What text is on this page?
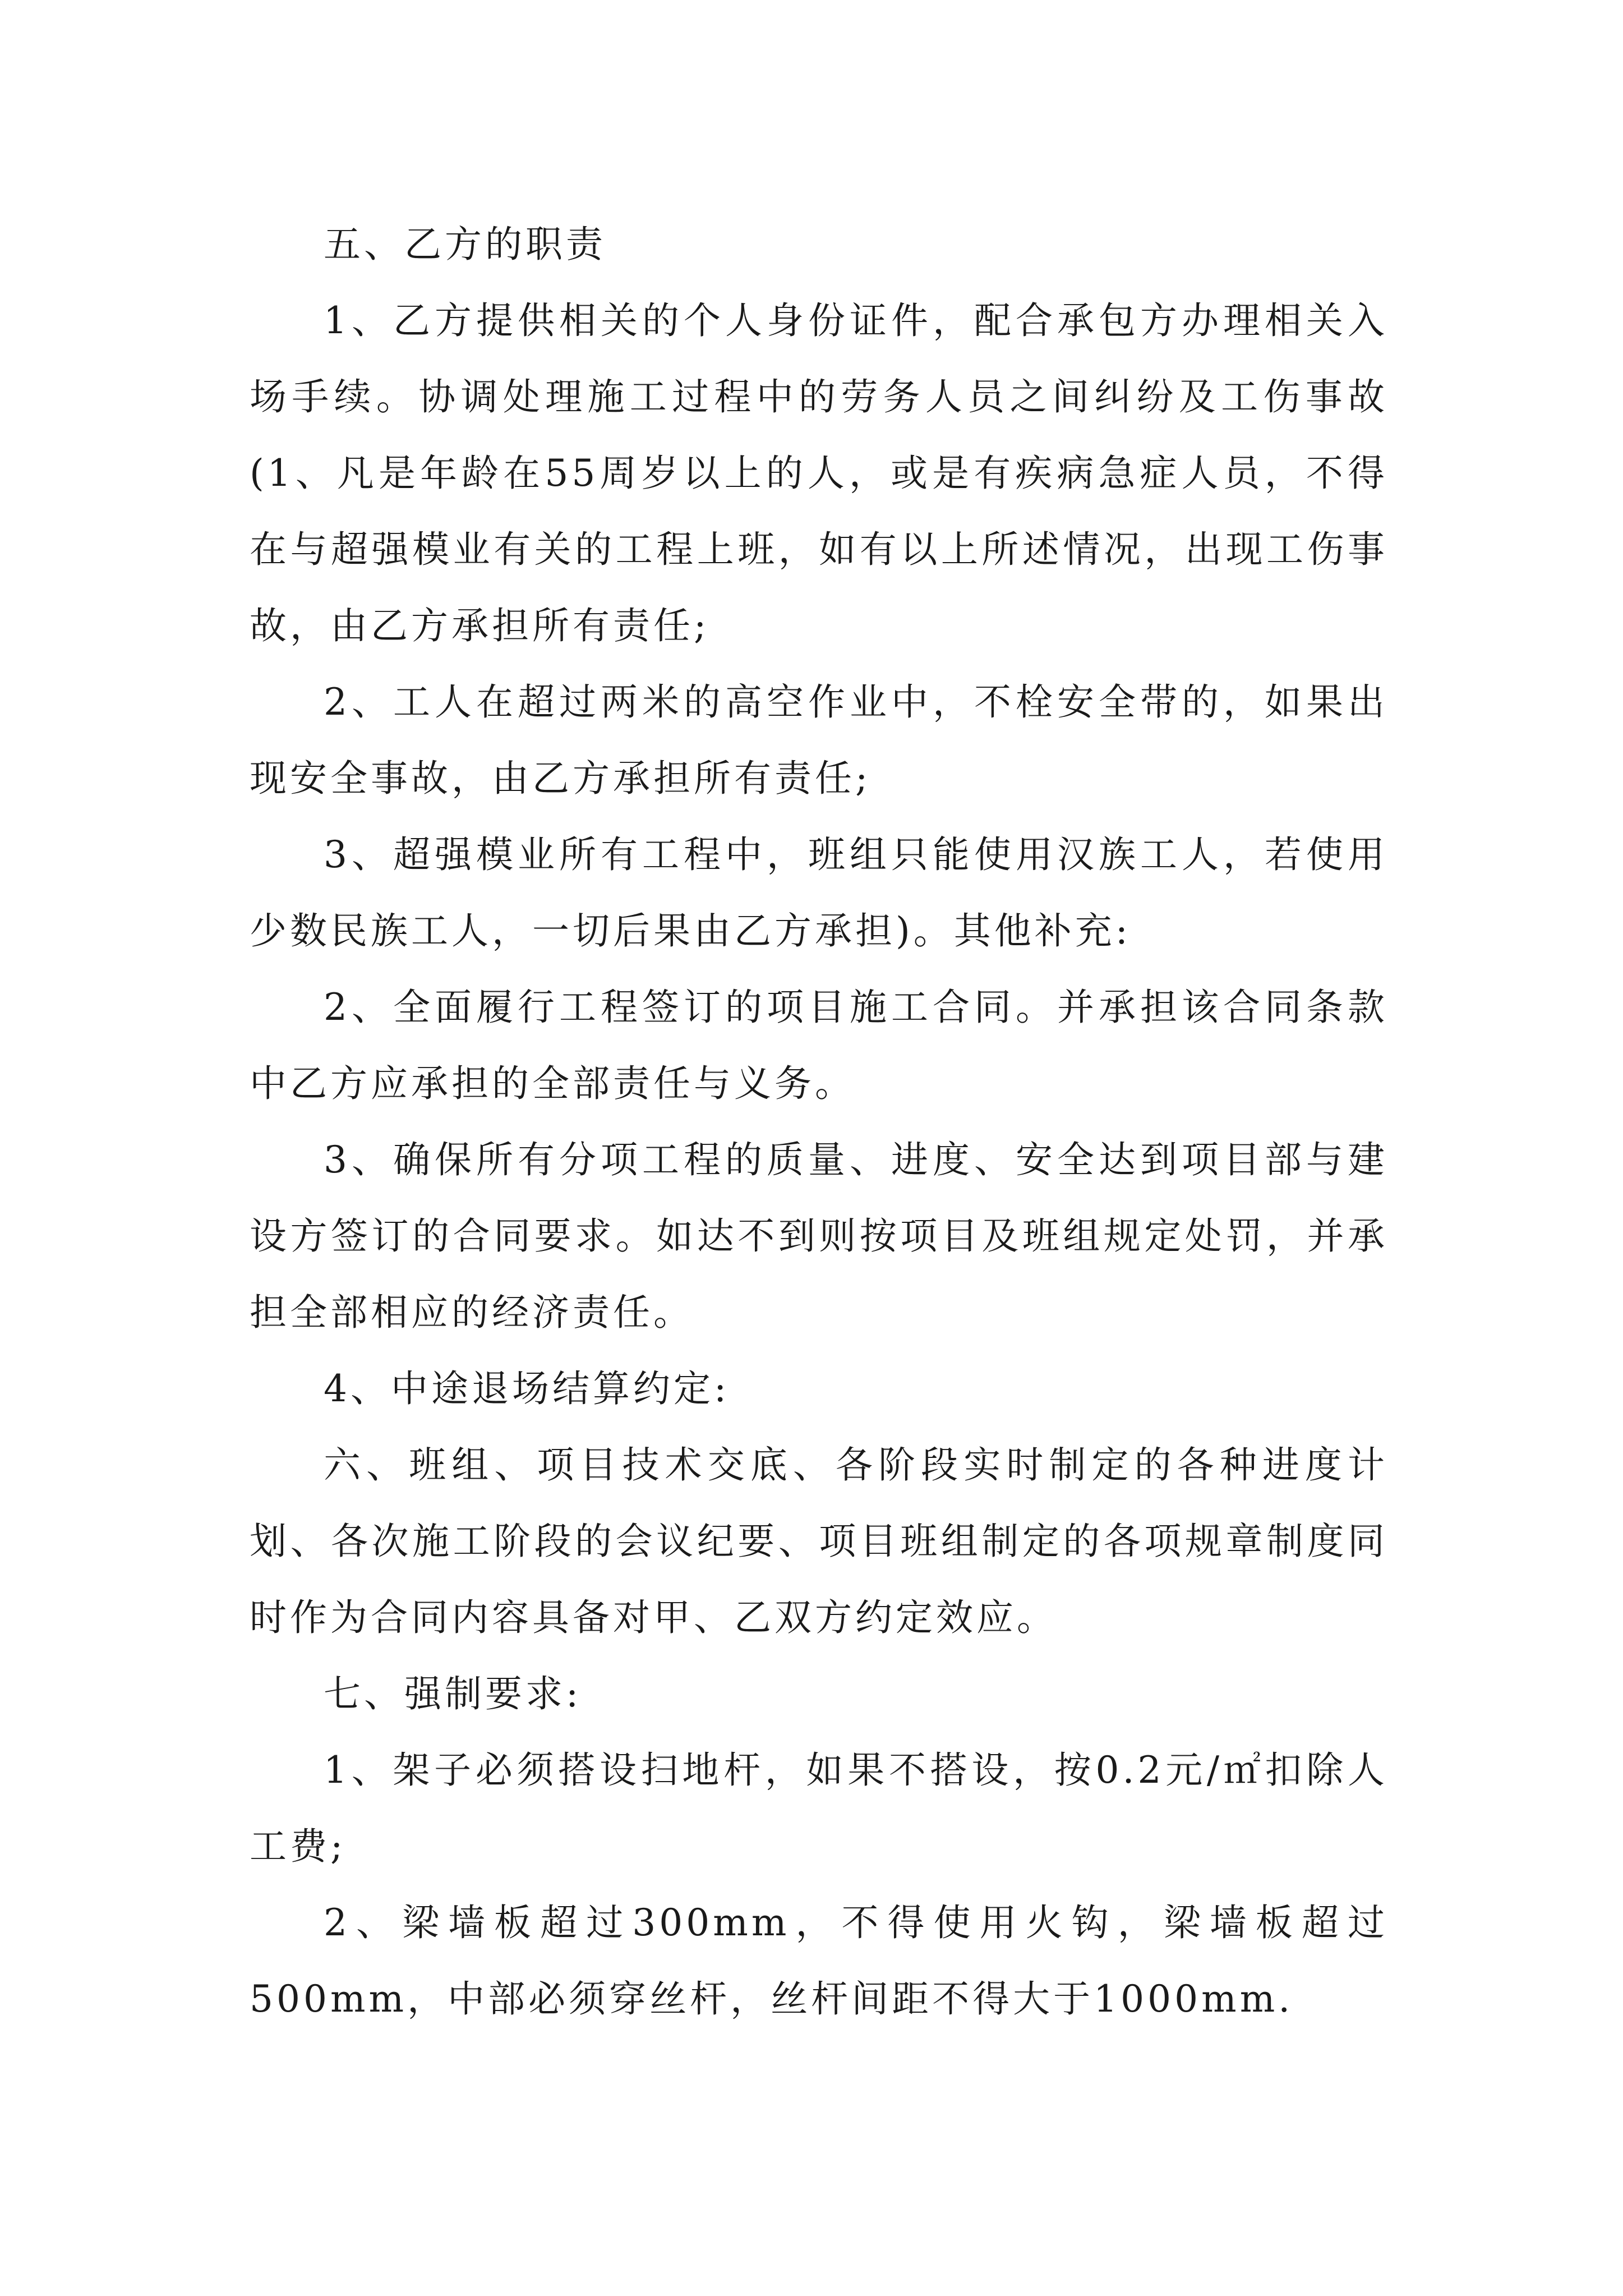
五、乙方的职责

1、乙方提供相关的个人身份证件，配合承包方办理相关入场手续。协调处理施工过程中的劳务人员之间纠纷及工伤事故(1、凡是年龄在55周岁以上的人，或是有疾病急症人员，不得在与超强模业有关的工程上班，如有以上所述情况，出现工伤事故，由乙方承担所有责任;

2、工人在超过两米的高空作业中，不栓安全带的，如果出现安全事故，由乙方承担所有责任;

3、超强模业所有工程中，班组只能使用汉族工人，若使用少数民族工人，一切后果由乙方承担)。其他补充:

2、全面履行工程签订的项目施工合同。并承担该合同条款中乙方应承担的全部责任与义务。

3、确保所有分项工程的质量、进度、安全达到项目部与建设方签订的合同要求。如达不到则按项目及班组规定处罚，并承担全部相应的经济责任。

4、中途退场结算约定:

六、班组、项目技术交底、各阶段实时制定的各种进度计划、各次施工阶段的会议纪要、项目班组制定的各项规章制度同时作为合同内容具备对甲、乙双方约定效应。

七、强制要求:

1、架子必须搭设扫地杆，如果不搭设，按0.2元/㎡扣除人工费;

2、梁墙板超过300mm，不得使用火钩，梁墙板超过500mm，中部必须穿丝杆，丝杆间距不得大于1000mm.
